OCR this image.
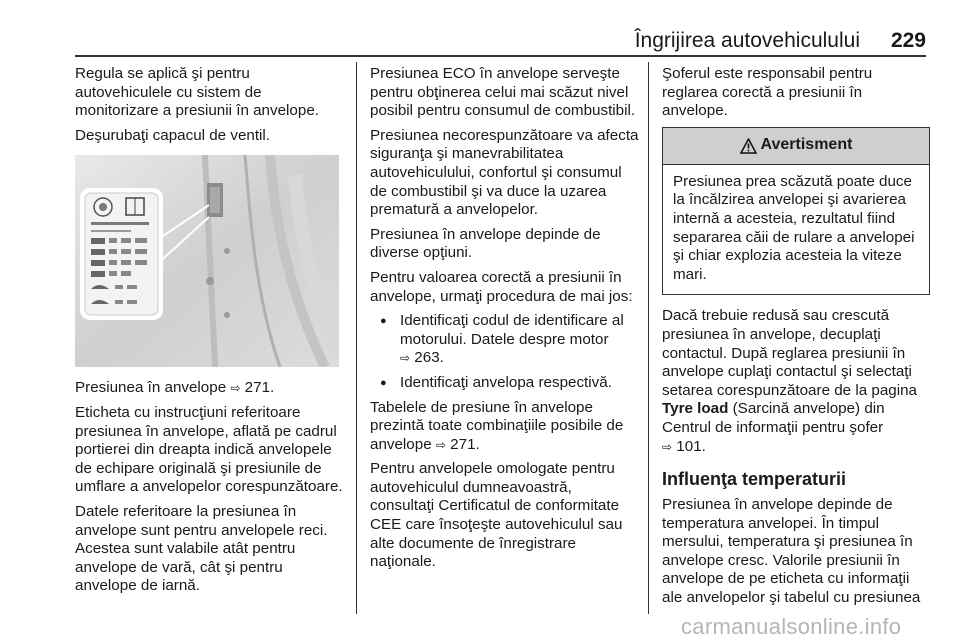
Îngrijirea autovehiculului	229

Regula se aplică şi pentru autovehiculele cu sistem de monitorizare a presiunii în anvelope.

Deşurubaţi capacul de ventil.

Presiunea în anvelope ⇨ 271.

Eticheta cu instrucţiuni referitoare presiunea în anvelope, aflată pe cadrul portierei din dreapta indică anvelopele de echipare originală şi presiunile de umflare a anvelopelor corespunzătoare.

Datele referitoare la presiunea în anvelope sunt pentru anvelopele reci. Acestea sunt valabile atât pentru anvelope de vară, cât şi pentru anvelope de iarnă.

Presiunea ECO în anvelope serveşte pentru obţinerea celui mai scăzut nivel posibil pentru consumul de combustibil.

Presiunea necorespunzătoare va afecta siguranţa şi manevrabilitatea autovehiculului, confortul şi consumul de combustibil şi va duce la uzarea prematură a anvelopelor.

Presiunea în anvelope depinde de diverse opţiuni.

Pentru valoarea corectă a presiunii în anvelope, urmaţi procedura de mai jos:

● Identificaţi codul de identificare al motorului. Datele despre motor
⇨ 263.
● Identificaţi anvelopa respectivă.

Tabelele de presiune în anvelope prezintă toate combinaţiile posibile de anvelope ⇨ 271.

Pentru anvelopele omologate pentru autovehiculul dumneavoastră, consultaţi Certificatul de conformitate CEE care însoţeşte autovehiculul sau alte documente de înregistrare naţionale.

Şoferul este responsabil pentru reglarea corectă a presiunii în anvelope.

Avertisment
Presiunea prea scăzută poate duce la încălzirea anvelopei şi avarierea internă a acesteia, rezultatul fiind separarea căii de rulare a anvelopei şi chiar explozia acesteia la viteze mari.

Dacă trebuie redusă sau crescută presiunea în anvelope, decuplaţi contactul. După reglarea presiunii în anvelope cuplaţi contactul şi selectaţi setarea corespunzătoare de la pagina Tyre load (Sarcină anvelope) din Centrul de informaţii pentru şofer ⇨ 101.

Influenţa temperaturii

Presiunea în anvelope depinde de temperatura anvelopei. În timpul mersului, temperatura şi presiunea în anvelope cresc. Valorile presiunii în anvelope de pe eticheta cu informaţii ale anvelopelor şi tabelul cu presiunea

carmanualsonline.info
